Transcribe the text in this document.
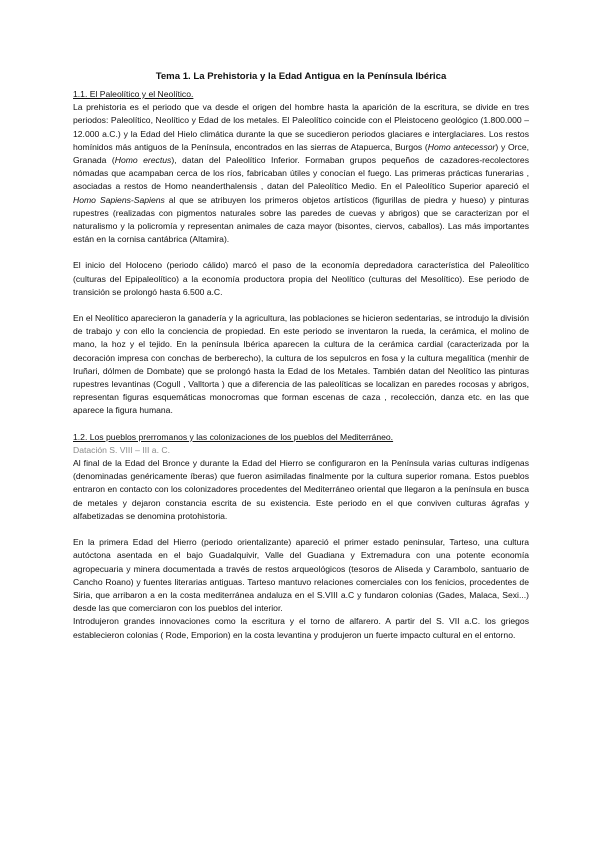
Tema 1. La Prehistoria y la Edad Antigua en la Península Ibérica
1.1. El Paleolítico y el Neolítico.

La prehistoria es el periodo que va desde el origen del hombre hasta la aparición de la escritura, se divide en tres periodos: Paleolítico, Neolítico y Edad de los metales. El Paleolítico coincide con el Pleistoceno geológico (1.800.000 – 12.000 a.C.) y la Edad del Hielo climática durante la que se sucedieron periodos glaciares e interglaciares. Los restos homínidos más antiguos de la Península, encontrados en las sierras de Atapuerca, Burgos (Homo antecessor) y Orce, Granada (Homo erectus), datan del Paleolítico Inferior. Formaban grupos pequeños de cazadores-recolectores nómadas que acampaban cerca de los ríos, fabricaban útiles y conocían el fuego. Las primeras prácticas funerarias , asociadas a restos de Homo neanderthalensis , datan del Paleolítico Medio. En el Paleolítico Superior apareció el Homo Sapiens-Sapiens al que se atribuyen los primeros objetos artísticos (figurillas de piedra y hueso) y pinturas rupestres (realizadas con pigmentos naturales sobre las paredes de cuevas y abrigos) que se caracterizan por el naturalismo y la policromía y representan animales de caza mayor (bisontes, ciervos, caballos). Las más importantes están en la cornisa cantábrica (Altamira).

El inicio del Holoceno (periodo cálido) marcó el paso de la economía depredadora característica del Paleolítico (culturas del Epipaleolítico) a la economía productora propia del Neolítico (culturas del Mesolítico). Ese periodo de transición se prolongó hasta 6.500 a.C.

En el Neolítico aparecieron la ganadería y la agricultura, las poblaciones se hicieron sedentarias, se introdujo la división de trabajo y con ello la conciencia de propiedad. En este periodo se inventaron la rueda, la cerámica, el molino de mano, la hoz y el tejido. En la península Ibérica aparecen la cultura de la cerámica cardial (caracterizada por la decoración impresa con conchas de berberecho), la cultura de los sepulcros en fosa y la cultura megalítica (menhir de Iruñari, dólmen de Dombate) que se prolongó hasta la Edad de los Metales. También datan del Neolítico las pinturas rupestres levantinas (Cogull , Valltorta ) que a diferencia de las paleolíticas se localizan en paredes rocosas y abrigos, representan figuras esquemáticas monocromas que forman escenas de caza , recolección, danza etc. en las que aparece la figura humana.

1.2. Los pueblos prerromanos y las colonizaciones de los pueblos del Mediterráneo.
Datación S. VIII – III a. C.

Al final de la Edad del Bronce y durante la Edad del Hierro se configuraron en la Península varias culturas indígenas (denominadas genéricamente íberas) que fueron asimiladas finalmente por la cultura superior romana. Estos pueblos entraron en contacto con los colonizadores procedentes del Mediterráneo oriental que llegaron a la península en busca de metales y dejaron constancia escrita de su existencia. Este periodo en el que conviven culturas ágrafas y alfabetizadas se denomina protohistoria.

En la primera Edad del Hierro (periodo orientalizante) apareció el primer estado peninsular, Tarteso, una cultura autóctona asentada en el bajo Guadalquivir, Valle del Guadiana y Extremadura con una potente economía agropecuaria y minera documentada a través de restos arqueológicos (tesoros de Aliseda y Carambolo, santuario de Cancho Roano) y fuentes literarias antiguas. Tarteso mantuvo relaciones comerciales con los fenicios, procedentes de Siria, que arribaron a en la costa mediterránea andaluza en el S.VIII a.C y fundaron colonias (Gades, Malaca, Sexi...) desde las que comerciaron con los pueblos del interior.

Introdujeron grandes innovaciones como la escritura y el torno de alfarero. A partir del S. VII a.C. los griegos establecieron colonias ( Rode, Emporion) en la costa levantina y produjeron un fuerte impacto cultural en el entorno.
